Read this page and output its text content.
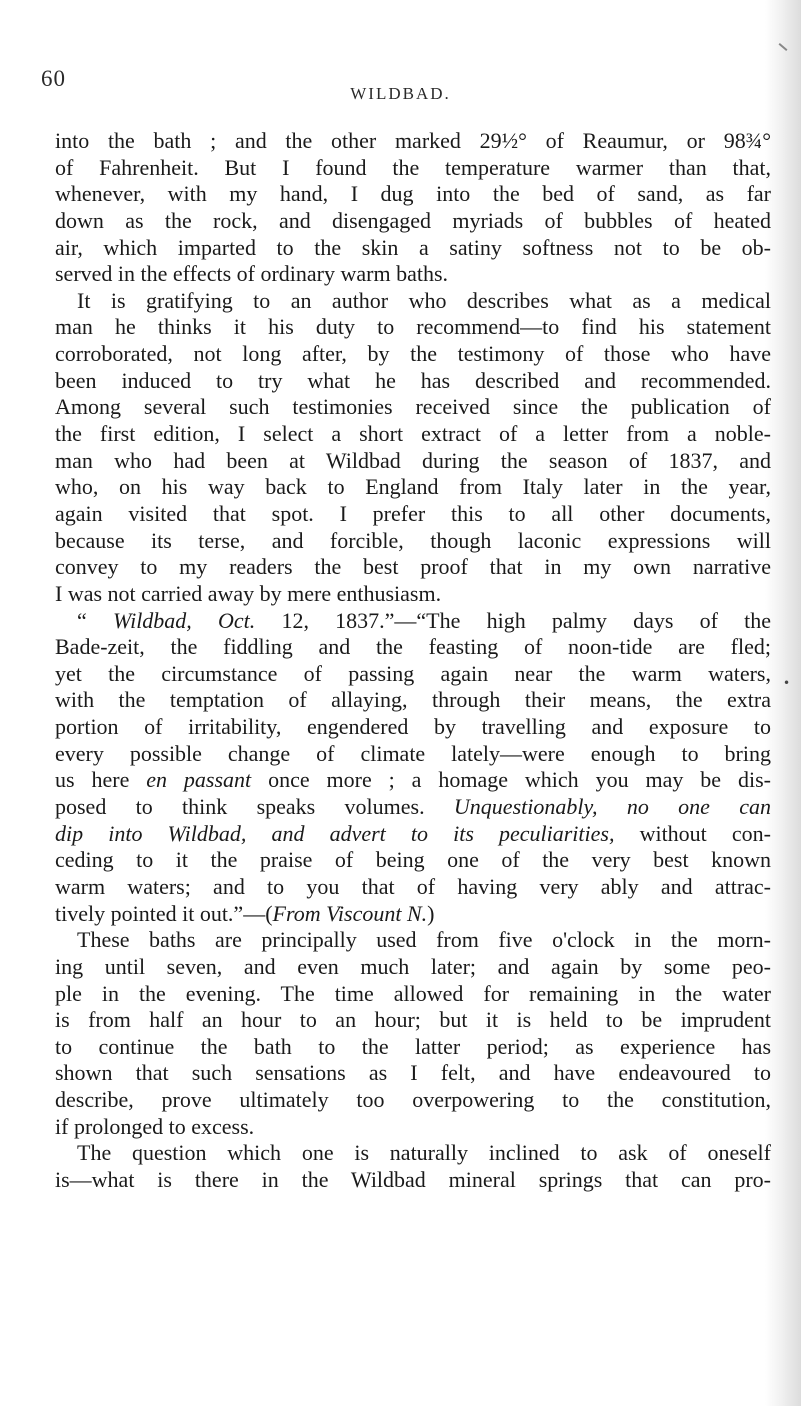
60
WILDBAD.
•
into the bath ; and the other marked 29½° of Reaumur, or 98¾°
of Fahrenheit. But I found the temperature warmer than that,
whenever, with my hand, I dug into the bed of sand, as far
down as the rock, and disengaged myriads of bubbles of heated
air, which imparted to the skin a satiny softness not to be ob-
served in the effects of ordinary warm baths.
It is gratifying to an author who describes what as a medical
man he thinks it his duty to recommend—to find his statement
corroborated, not long after, by the testimony of those who have
been induced to try what he has described and recommended.
Among several such testimonies received since the publication of
the first edition, I select a short extract of a letter from a noble-
man who had been at Wildbad during the season of 1837, and
who, on his way back to England from Italy later in the year,
again visited that spot. I prefer this to all other documents,
because its terse, and forcible, though laconic expressions will
convey to my readers the best proof that in my own narrative
I was not carried away by mere enthusiasm.
“ Wildbad, Oct. 12, 1837.”—“The high palmy days of the
Bade-zeit, the fiddling and the feasting of noon-tide are fled;
yet the circumstance of passing again near the warm waters,
with the temptation of allaying, through their means, the extra
portion of irritability, engendered by travelling and exposure to
every possible change of climate lately—were enough to bring
us here en passant once more ; a homage which you may be dis-
posed to think speaks volumes. Unquestionably, no one can
dip into Wildbad, and advert to its peculiarities, without con-
ceding to it the praise of being one of the very best known
warm waters; and to you that of having very ably and attrac-
tively pointed it out.”—(From Viscount N.)
These baths are principally used from five o'clock in the morn-
ing until seven, and even much later; and again by some peo-
ple in the evening. The time allowed for remaining in the water
is from half an hour to an hour; but it is held to be imprudent
to continue the bath to the latter period; as experience has
shown that such sensations as I felt, and have endeavoured to
describe, prove ultimately too overpowering to the constitution,
if prolonged to excess.
The question which one is naturally inclined to ask of oneself
is—what is there in the Wildbad mineral springs that can pro-
